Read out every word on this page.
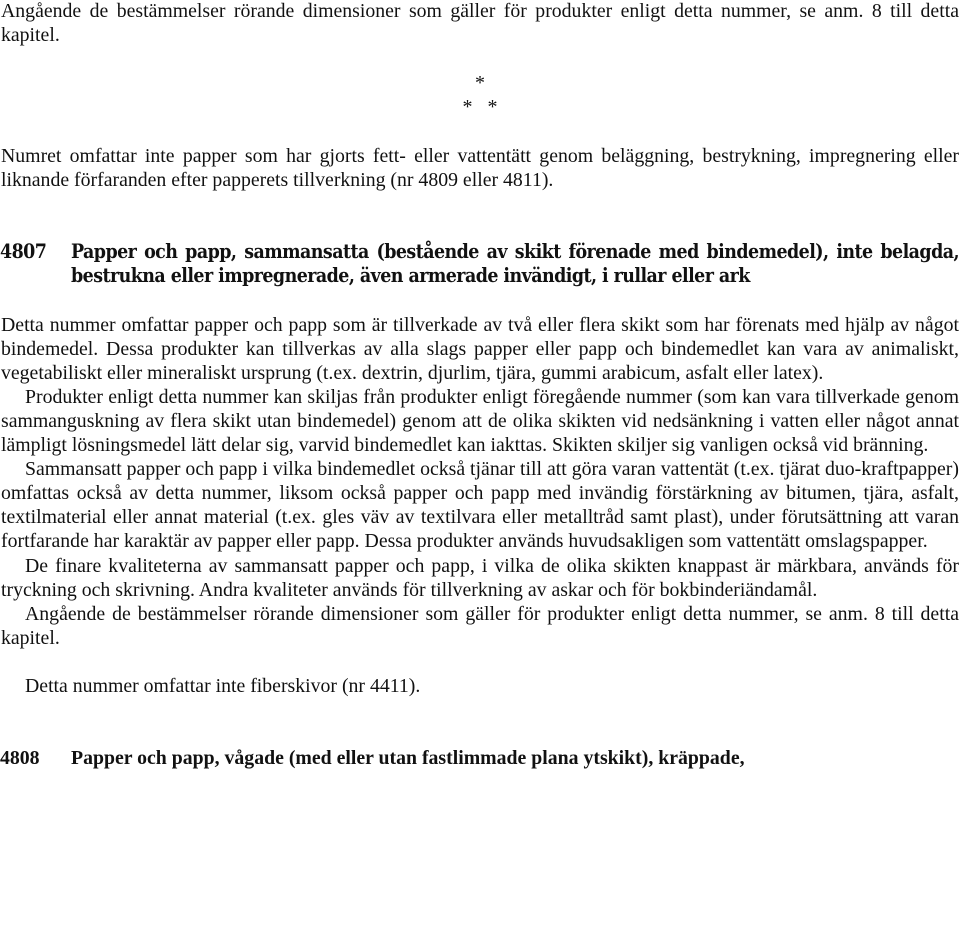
Angående de bestämmelser rörande dimensioner som gäller för produkter enligt detta nummer, se anm. 8 till detta kapitel.

*

*   *

Numret omfattar inte papper som har gjorts fett- eller vattentätt genom beläggning, bestrykning, impregnering eller liknande förfaranden efter papperets tillverkning (nr 4809 eller 4811).

4807	Papper och papp, sammansatta (bestående av skikt förenade med bindemedel), inte belagda, bestrukna eller impregnerade, även armerade invändigt, i rullar eller ark

Detta nummer omfattar papper och papp som är tillverkade av två eller flera skikt som har förenats med hjälp av något bindemedel. Dessa produkter kan tillverkas av alla slags papper eller papp och bindemedlet kan vara av animaliskt, vegetabiliskt eller mineraliskt ursprung (t.ex. dextrin, djurlim, tjära, gummi arabicum, asfalt eller latex).

Produkter enligt detta nummer kan skiljas från produkter enligt föregående nummer (som kan vara tillverkade genom sammanguskning av flera skikt utan bindemedel) genom att de olika skikten vid nedsänkning i vatten eller något annat lämpligt lösningsmedel lätt delar sig, varvid bindemedlet kan iakttas. Skikten skiljer sig vanligen också vid bränning.

Sammansatt papper och papp i vilka bindemedlet också tjänar till att göra varan vattentät (t.ex. tjärat duo-kraftpapper) omfattas också av detta nummer, liksom också papper och papp med invändig förstärkning av bitumen, tjära, asfalt, textilmaterial eller annat material (t.ex. gles väv av textilvara eller metalltråd samt plast), under förutsättning att varan fortfarande har karaktär av papper eller papp. Dessa produkter används huvudsakligen som vattentätt omslagspapper.

De finare kvaliteterna av sammansatt papper och papp, i vilka de olika skikten knappast är märkbara, används för tryckning och skrivning. Andra kvaliteter används för tillverkning av askar och för bokbinderiändamål.

Angående de bestämmelser rörande dimensioner som gäller för produkter enligt detta nummer, se anm. 8 till detta kapitel.

Detta nummer omfattar inte fiberskivor (nr 4411).

4808	Papper och papp, vågade (med eller utan fastlimmade plana ytskikt), kräppade,
